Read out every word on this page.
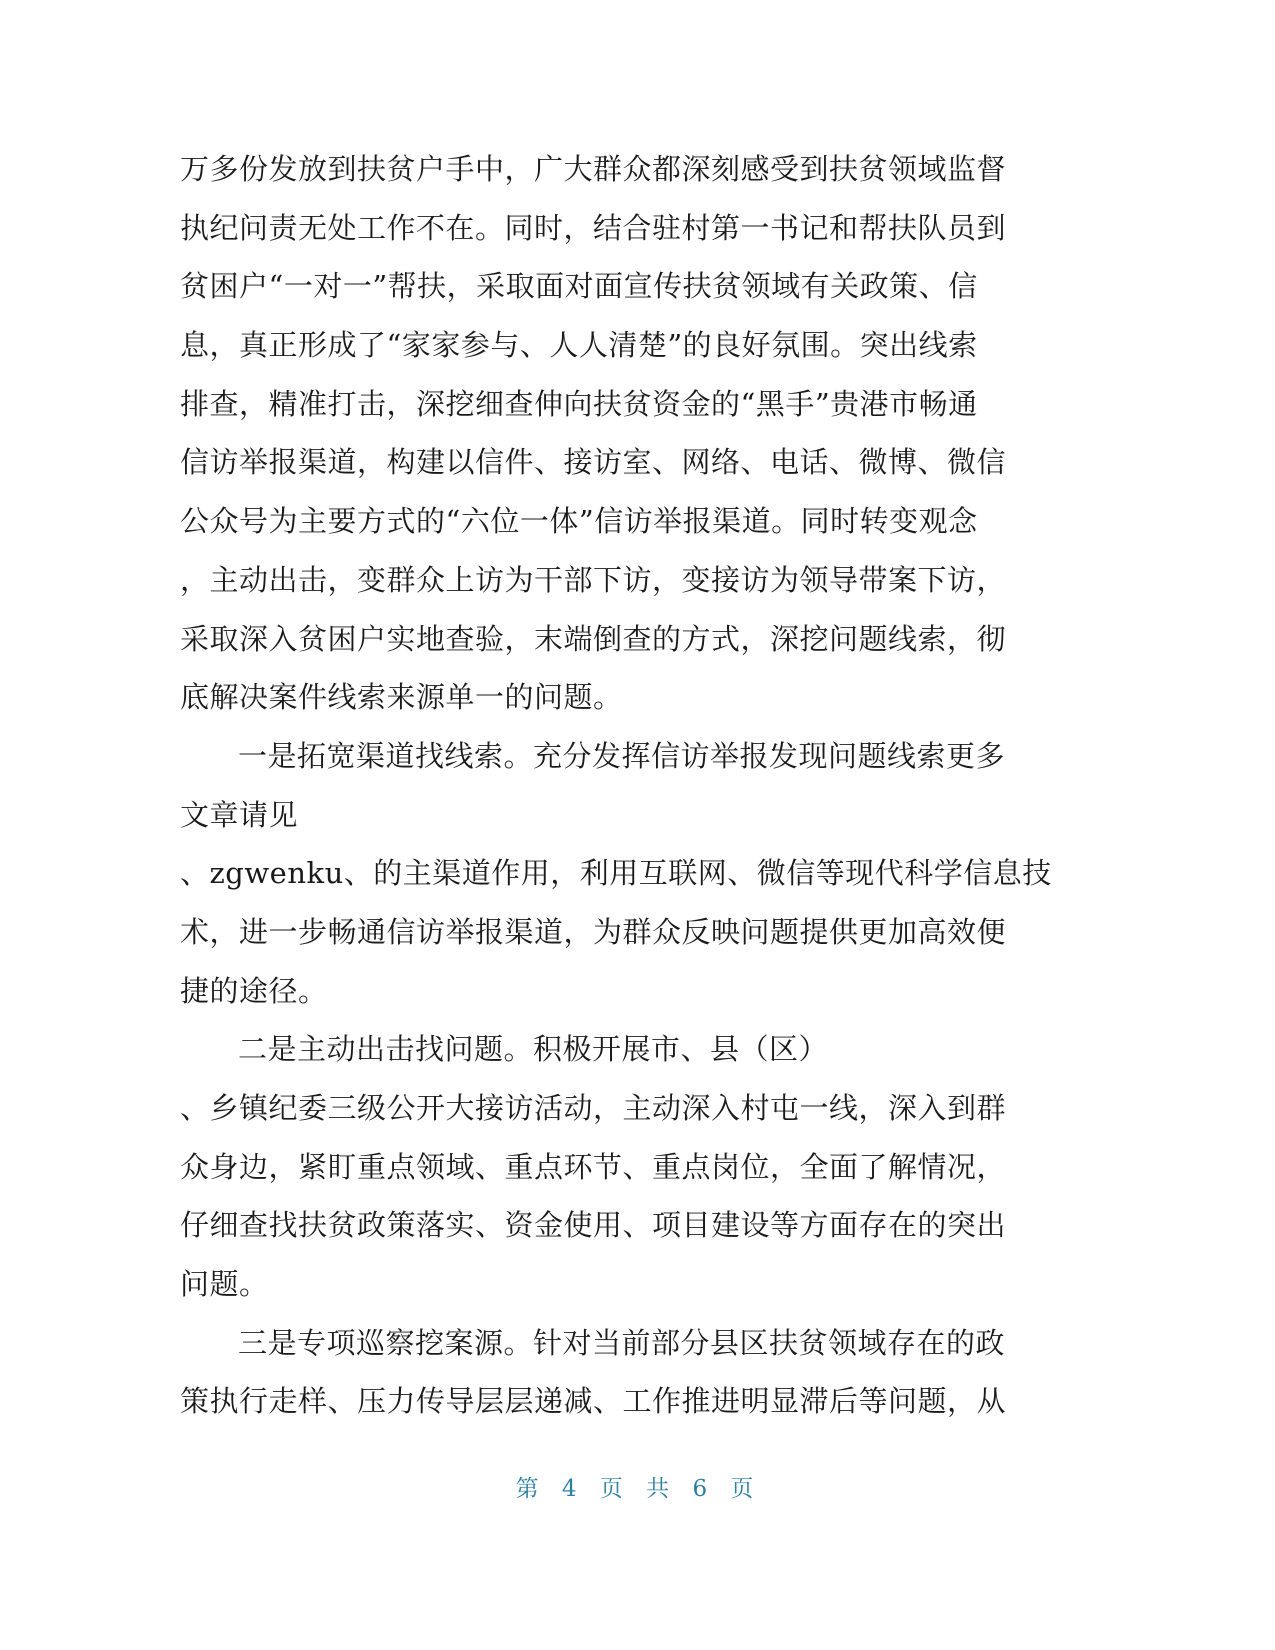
万多份发放到扶贫户手中，广大群众都深刻感受到扶贫领域监督
执纪问责无处工作不在。同时，结合驻村第一书记和帮扶队员到
贫困户“一对一”帮扶，采取面对面宣传扶贫领域有关政策、信
息，真正形成了“家家参与、人人清楚”的良好氛围。突出线索
排查，精准打击，深挖细查伸向扶贫资金的“黑手”贵港市畅通
信访举报渠道，构建以信件、接访室、网络、电话、微博、微信
公众号为主要方式的“六位一体”信访举报渠道。同时转变观念
，主动出击，变群众上访为干部下访，变接访为领导带案下访，
采取深入贫困户实地查验，末端倒查的方式，深挖问题线索，彻
底解决案件线索来源单一的问题。
一是拓宽渠道找线索。充分发挥信访举报发现问题线索更多
文章请见
、zgwenku、的主渠道作用，利用互联网、微信等现代科学信息技
术，进一步畅通信访举报渠道，为群众反映问题提供更加高效便
捷的途径。
二是主动出击找问题。积极开展市、县（区）
、乡镇纪委三级公开大接访活动，主动深入村屯一线，深入到群
众身边，紧盯重点领域、重点环节、重点岗位，全面了解情况，
仔细查找扶贫政策落实、资金使用、项目建设等方面存在的突出
问题。
三是专项巡察挖案源。针对当前部分县区扶贫领域存在的政
策执行走样、压力传导层层递减、工作推进明显滞后等问题，从
第 4 页 共 6 页
